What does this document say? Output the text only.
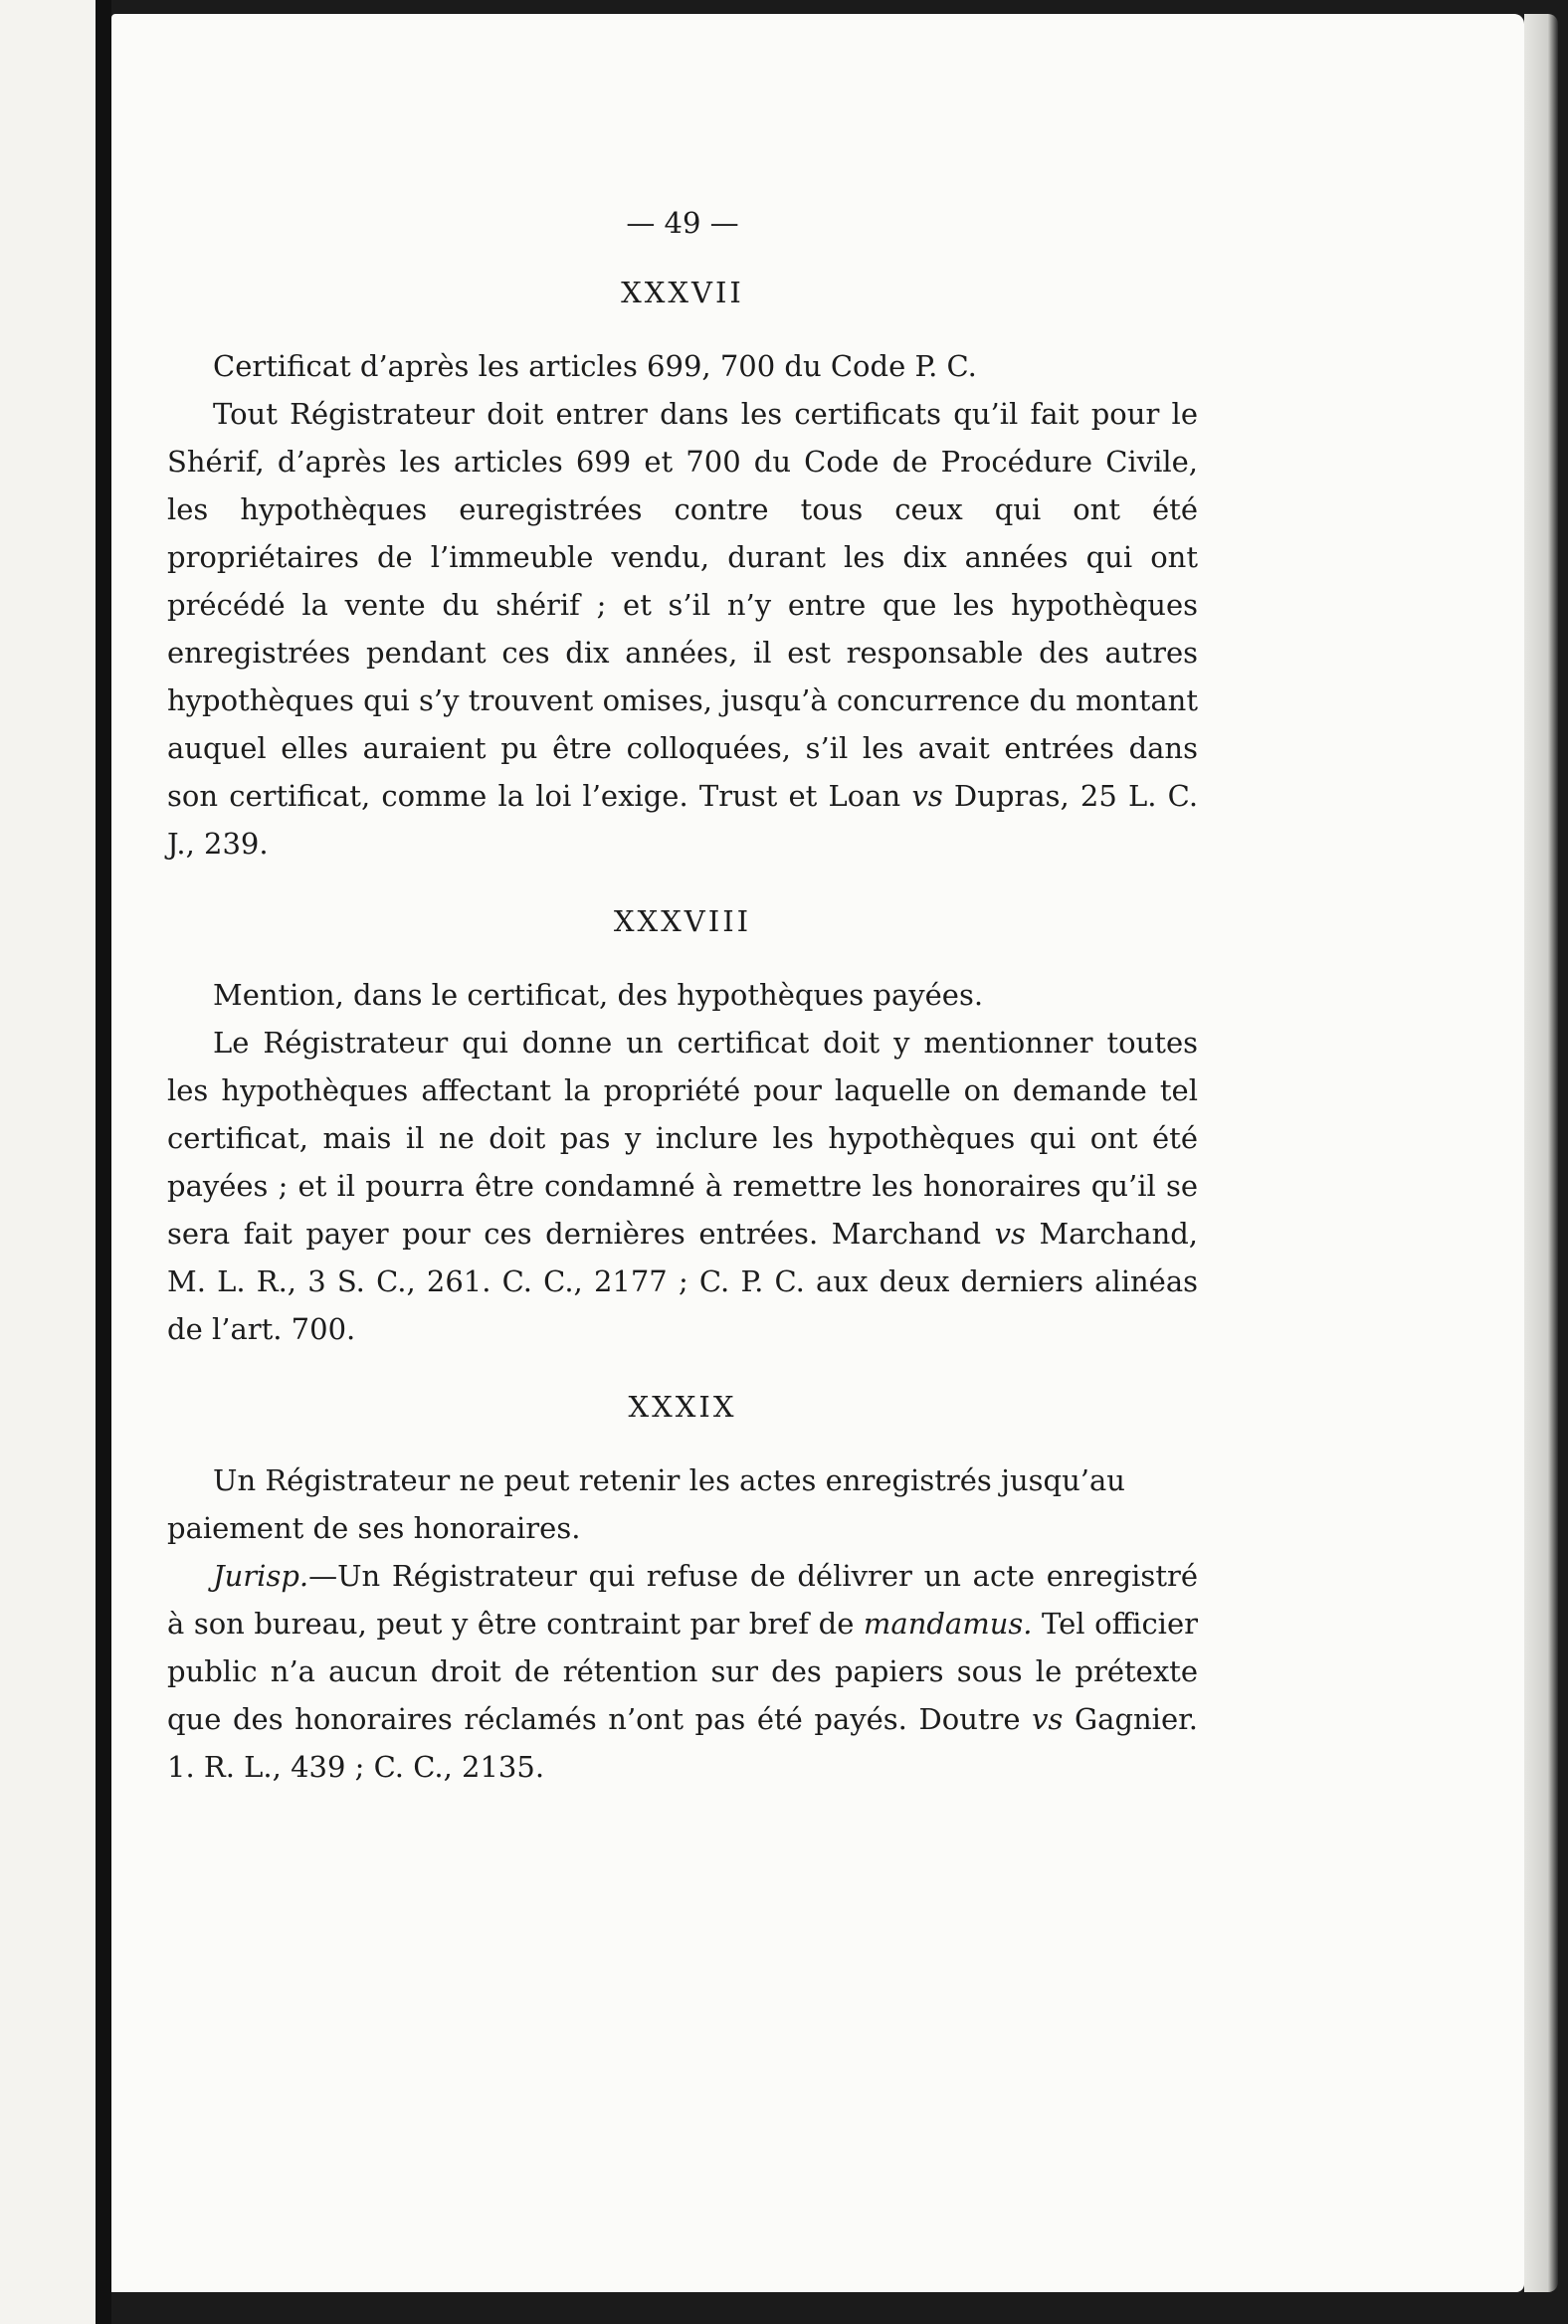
— 49 —
XXXVII

Certificat d’après les articles 699, 700 du Code P. C.

Tout Régistrateur doit entrer dans les certificats qu’il fait pour le Shérif, d’après les articles 699 et 700 du Code de Procédure Civile, les hypothèques euregistrées contre tous ceux qui ont été propriétaires de l’immeuble vendu, durant les dix années qui ont précédé la vente du shérif ; et s’il n’y entre que les hypothèques enregistrées pendant ces dix années, il est responsable des autres hypothèques qui s’y trouvent omises, jusqu’à concurrence du montant auquel elles auraient pu être colloquées, s’il les avait entrées dans son certificat, comme la loi l’exige. Trust et Loan vs Dupras, 25 L. C. J., 239.

XXXVIII

Mention, dans le certificat, des hypothèques payées.

Le Régistrateur qui donne un certificat doit y mentionner toutes les hypothèques affectant la propriété pour laquelle on demande tel certificat, mais il ne doit pas y inclure les hypothèques qui ont été payées ; et il pourra être condamné à remettre les honoraires qu’il se sera fait payer pour ces dernières entrées. Marchand vs Marchand, M. L. R., 3 S. C., 261. C. C., 2177 ; C. P. C. aux deux derniers alinéas de l’art. 700.

XXXIX

Un Régistrateur ne peut retenir les actes enregistrés jusqu’au paiement de ses honoraires.

Jurisp.—Un Régistrateur qui refuse de délivrer un acte enregistré à son bureau, peut y être contraint par bref de mandamus. Tel officier public n’a aucun droit de rétention sur des papiers sous le prétexte que des honoraires réclamés n’ont pas été payés. Doutre vs Gagnier. 1. R. L., 439 ; C. C., 2135.
